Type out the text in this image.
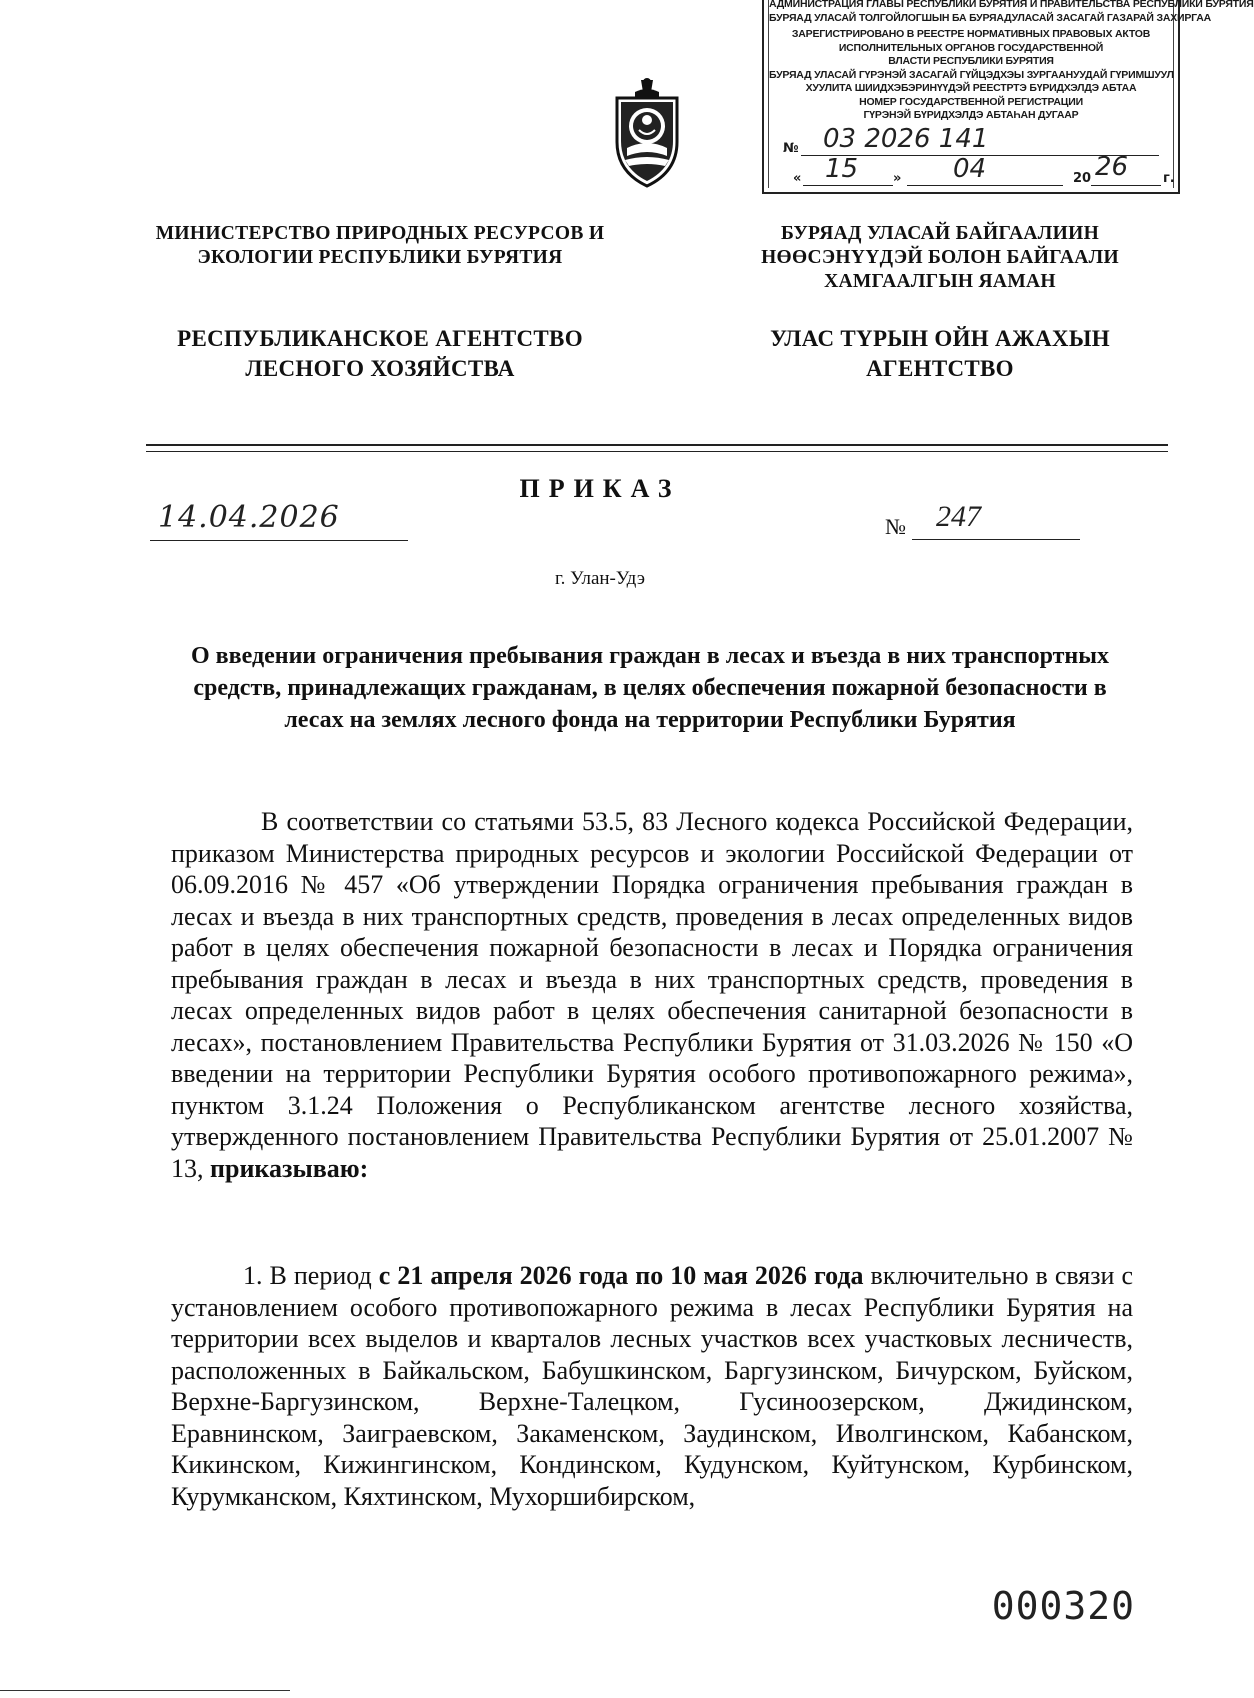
АДМИНИСТРАЦИЯ ГЛАВЫ РЕСПУБЛИКИ БУРЯТИЯ И ПРАВИТЕЛЬСТВА РЕСПУБЛИКИ БУРЯТИЯ
БУРЯАД УЛАСАЙ ТОЛГОЙЛОГШЫН БА БУРЯАДУЛАСАЙ ЗАСАГАЙ ГАЗАРАЙ ЗАХИРГАА
ЗАРЕГИСТРИРОВАНО В РЕЕСТРЕ НОРМАТИВНЫХ ПРАВОВЫХ АКТОВ
ИСПОЛНИТЕЛЬНЫХ ОРГАНОВ ГОСУДАРСТВЕННОЙ
ВЛАСТИ РЕСПУБЛИКИ БУРЯТИЯ
БУРЯАД УЛАСАЙ ГҮРЭНЭЙ ЗАСАГАЙ ГҮЙЦЭДХЭЫ ЗУРГААНУУДАЙ ГҮРИМШУУЛ
ХУУЛИТА ШИИДХЭБЭРИНҮҮДЭЙ РЕЕСТРТЭ БҮРИДХЭЛДЭ АБТАА
НОМЕР ГОСУДАРСТВЕННОЙ РЕГИСТРАЦИИ
ГҮРЭНЭЙ БҮРИДХЭЛДЭ АБТАҺАН ДУГААР
№ 03 2026 141
« 15	» 04	20 26	г.
МИНИСТЕРСТВО ПРИРОДНЫХ РЕСУРСОВ И ЭКОЛОГИИ РЕСПУБЛИКИ БУРЯТИЯ
РЕСПУБЛИКАНСКОЕ АГЕНТСТВО ЛЕСНОГО ХОЗЯЙСТВА
БУРЯАД УЛАСАЙ БАЙГААЛИИН НӨӨСЭНҮҮДЭЙ БОЛОН БАЙГААЛИ ХАМГААЛГЫН ЯАМАН
УЛАС ТҮРЫН ОЙН АЖАХЫН АГЕНТСТВО
ПРИКАЗ
14.04.2026	№	247
г. Улан-Удэ
О введении ограничения пребывания граждан в лесах и въезда в них транспортных средств, принадлежащих гражданам, в целях обеспечения пожарной безопасности в лесах на землях лесного фонда на территории Республики Бурятия
В соответствии со статьями 53.5, 83 Лесного кодекса Российской Федерации, приказом Министерства природных ресурсов и экологии Российской Федерации от 06.09.2016 № 457 «Об утверждении Порядка ограничения пребывания граждан в лесах и въезда в них транспортных средств, проведения в лесах определенных видов работ в целях обеспечения пожарной безопасности в лесах и Порядка ограничения пребывания граждан в лесах и въезда в них транспортных средств, проведения в лесах определенных видов работ в целях обеспечения санитарной безопасности в лесах», постановлением Правительства Республики Бурятия от 31.03.2026 № 150 «О введении на территории Республики Бурятия особого противопожарного режима», пунктом 3.1.24 Положения о Республиканском агентстве лесного хозяйства, утвержденного постановлением Правительства Республики Бурятия от 25.01.2007 № 13, приказываю:
1. В период с 21 апреля 2026 года по 10 мая 2026 года включительно в связи с установлением особого противопожарного режима в лесах Республики Бурятия на территории всех выделов и кварталов лесных участков всех участковых лесничеств, расположенных в Байкальском, Бабушкинском, Баргузинском, Бичурском, Буйском, Верхне-Баргузинском, Верхне-Талецком, Гусиноозерском, Джидинском, Еравнинском, Заиграевском, Закаменском, Заудинском, Иволгинском, Кабанском, Кикинском, Кижингинском, Кондинском, Кудунском, Куйтунском, Курбинском, Курумканском, Кяхтинском, Мухоршибирском,
000320
